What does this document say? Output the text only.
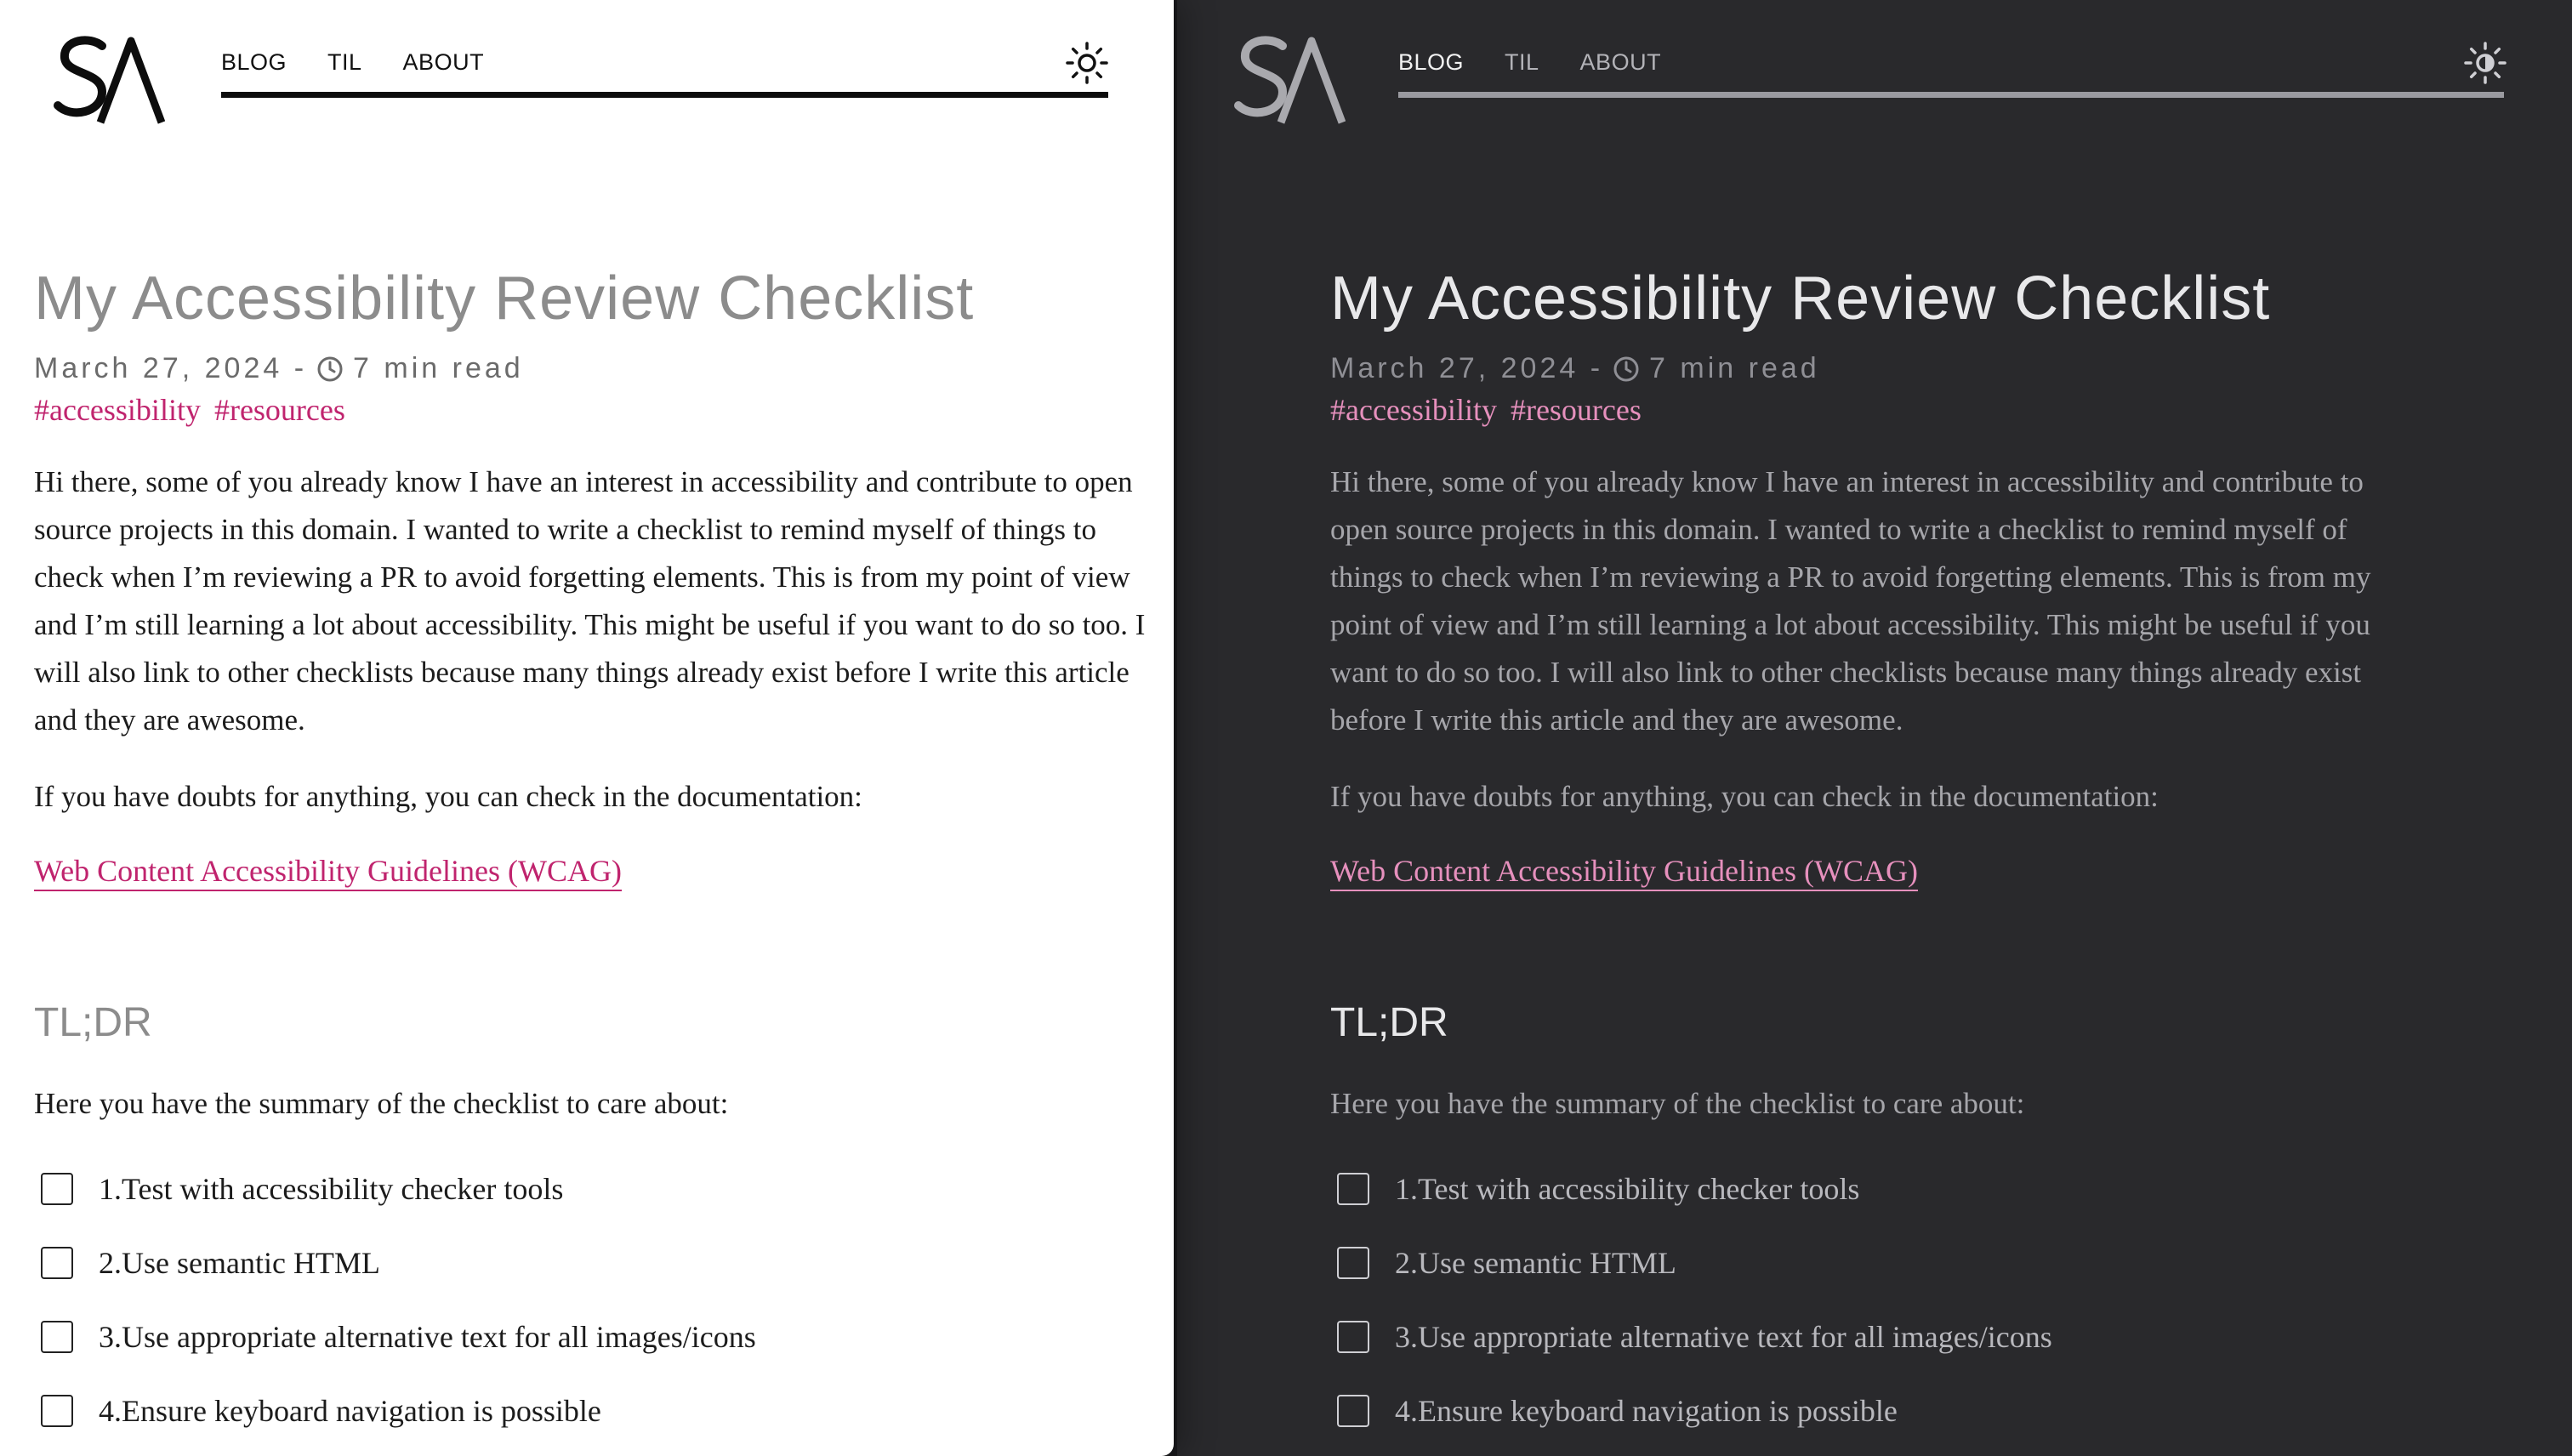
BLOG TIL ABOUT
My Accessibility Review Checklist
March 27, 2024 - 7 min read
#accessibility #resources

Hi there, some of you already know I have an interest in accessibility and contribute to open source projects in this domain. I wanted to write a checklist to remind myself of things to check when I’m reviewing a PR to avoid forgetting elements. This is from my point of view and I’m still learning a lot about accessibility. This might be useful if you want to do so too. I will also link to other checklists because many things already exist before I write this article and they are awesome.

If you have doubts for anything, you can check in the documentation:

Web Content Accessibility Guidelines (WCAG)
TL;DR

Here you have the summary of the checklist to care about:

1.Test with accessibility checker tools
2.Use semantic HTML
3.Use appropriate alternative text for all images/icons
4.Ensure keyboard navigation is possible
BLOG TIL ABOUT
My Accessibility Review Checklist
March 27, 2024 - 7 min read
#accessibility #resources

Hi there, some of you already know I have an interest in accessibility and contribute to open source projects in this domain. I wanted to write a checklist to remind myself of things to check when I’m reviewing a PR to avoid forgetting elements. This is from my point of view and I’m still learning a lot about accessibility. This might be useful if you want to do so too. I will also link to other checklists because many things already exist before I write this article and they are awesome.

If you have doubts for anything, you can check in the documentation:

Web Content Accessibility Guidelines (WCAG)
TL;DR

Here you have the summary of the checklist to care about:

1.Test with accessibility checker tools
2.Use semantic HTML
3.Use appropriate alternative text for all images/icons
4.Ensure keyboard navigation is possible
